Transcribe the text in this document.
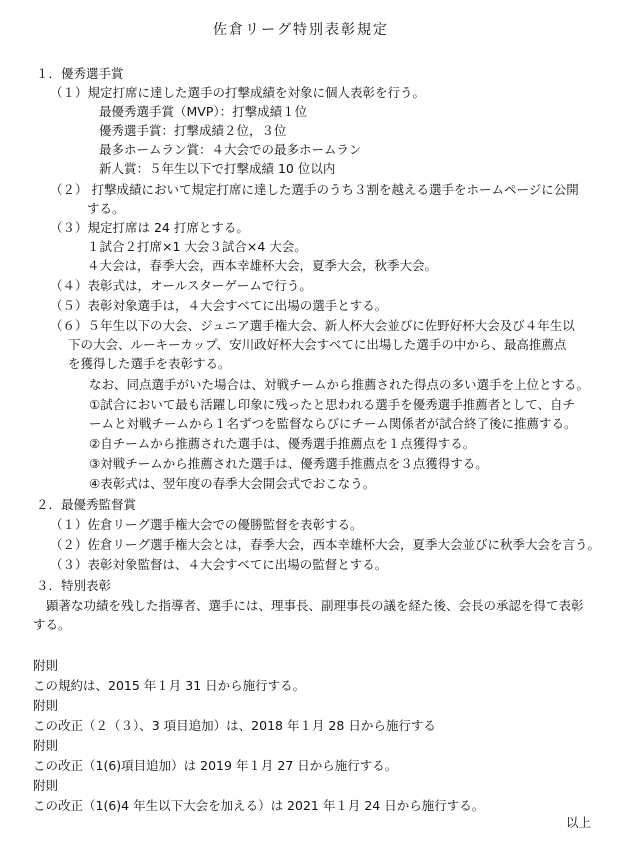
佐倉リーグ特別表彰規定
１．優秀選手賞
（１）規定打席に達した選手の打撃成績を対象に個人表彰を行う。
最優秀選手賞（MVP）：打撃成績１位
優秀選手賞：打撃成績２位，３位
最多ホームラン賞：４大会での最多ホームラン
新人賞：５年生以下で打撃成績 10 位以内
（２） 打撃成績において規定打席に達した選手のうち３割を越える選手をホームページに公開
する。
（３）規定打席は 24 打席とする。
１試合２打席×1 大会３試合×4 大会。
４大会は，春季大会，西本幸雄杯大会，夏季大会，秋季大会。
（４）表彰式は，オールスターゲームで行う。
（５）表彰対象選手は，４大会すべてに出場の選手とする。
（６）５年生以下の大会、ジュニア選手権大会、新人杯大会並びに佐野好杯大会及び４年生以
下の大会、ルーキーカップ、安川政好杯大会すべてに出場した選手の中から、最高推薦点
を獲得した選手を表彰する。
なお、同点選手がいた場合は、対戦チームから推薦された得点の多い選手を上位とする。
①試合において最も活躍し印象に残ったと思われる選手を優秀選手推薦者として、自チ
ームと対戦チームから１名ずつを監督ならびにチーム関係者が試合終了後に推薦する。
②自チームから推薦された選手は、優秀選手推薦点を１点獲得する。
③対戦チームから推薦された選手は、優秀選手推薦点を３点獲得する。
④表彰式は、翌年度の春季大会開会式でおこなう。
２．最優秀監督賞
（１）佐倉リーグ選手権大会での優勝監督を表彰する。
（２）佐倉リーグ選手権大会とは，春季大会，西本幸雄杯大会，夏季大会並びに秋季大会を言う。
（３）表彰対象監督は、４大会すべてに出場の監督とする。
３．特別表彰
顕著な功績を残した指導者、選手には、理事長、副理事長の議を経た後、会長の承認を得て表彰
する。
附則
この規約は、2015 年１月 31 日から施行する。
附則
この改正（２（３）、3 項目追加）は、2018 年１月 28 日から施行する
附則
この改正（1(6)項目追加）は 2019 年１月 27 日から施行する。
附則
この改正（1(6)4 年生以下大会を加える）は 2021 年１月 24 日から施行する。
以上
